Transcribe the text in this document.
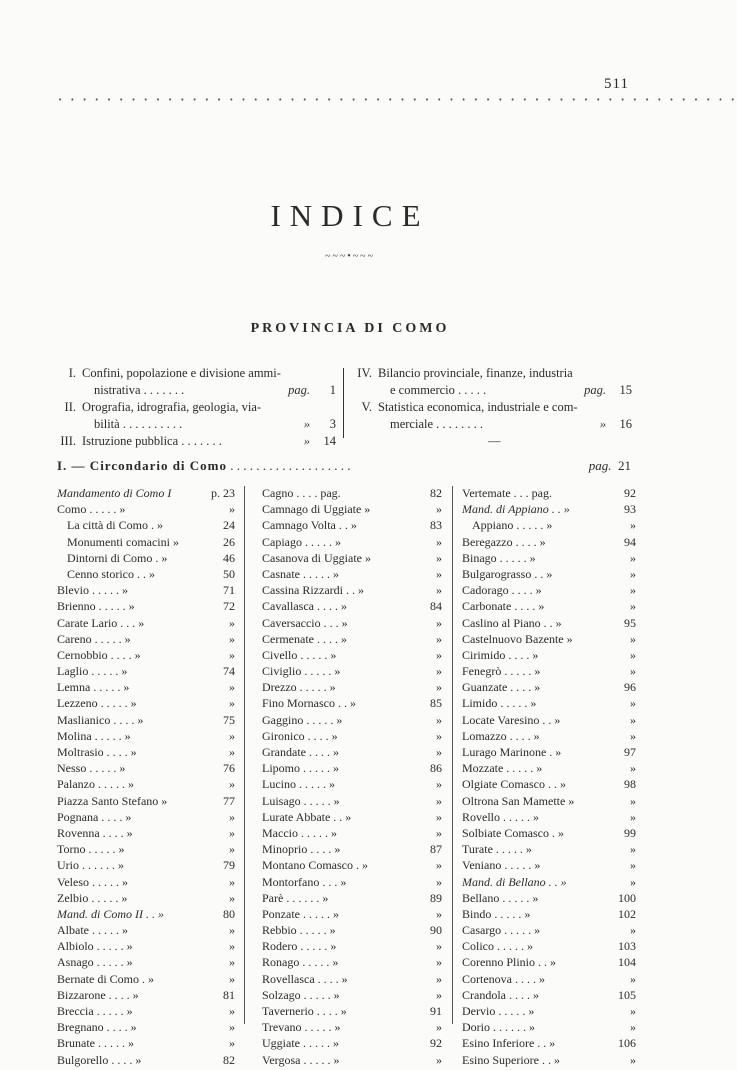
511
• • • • • • • • • • • • • • • • • • • • • • • • • • • • • • • • • • • • • • • • • • • • • • • • • • • • • • • •
INDICE
~~~•~~~
PROVINCIA DI COMO
I. Confini, popolazione e divisione ammi-
nistrativa . . . . . . .	pag. 1
II. Orografia, idrografia, geologia, via-
bilità . . . . . . . . . .	» 3
III. Istruzione pubblica . . . . . . .	» 14
IV. Bilancio provinciale, finanze, industria
e commercio . . . . .	pag. 15
V. Statistica economica, industriale e com-
merciale . . . . . . . .	» 16
—
I. — Circondario di Como . . . . . . . . . . . . . . . . . . .	pag. 21
Mandamento di Como I	p. 23
Como . . . . . »	»
La città di Como . »	24
Monumenti comacini »	26
Dintorni di Como . »	46
Cenno storico . . »	50
Blevio . . . . . »	71
Brienno . . . . . »	72
Carate Lario . . . »	»
Careno . . . . . »	»
Cernobbio . . . . »	»
Laglio . . . . . »	74
Lemna . . . . . »	»
Lezzeno . . . . . »	»
Maslianico . . . . »	75
Molina . . . . . »	»
Moltrasio . . . . »	»
Nesso . . . . . »	76
Palanzo . . . . . »	»
Piazza Santo Stefano »	77
Pognana . . . . »	»
Rovenna . . . . »	»
Torno . . . . . »	»
Urio . . . . . . »	79
Veleso . . . . . »	»
Zelbio . . . . . »	»
Mand. di Como II . . »	80
Albate . . . . . »	»
Albiolo . . . . . »	»
Asnago . . . . . »	»
Bernate di Como . »	»
Bizzarone . . . . »	81
Breccia . . . . . »	»
Bregnano . . . . »	»
Brunate . . . . . »	»
Bulgorello . . . . »	82
Cagno . . . . pag.	82
Camnago di Uggiate »	»
Camnago Volta . . »	83
Capiago . . . . . »	»
Casanova di Uggiate »	»
Casnate . . . . . »	»
Cassina Rizzardi . . »	»
Cavallasca . . . . »	84
Caversaccio . . . »	»
Cermenate . . . . »	»
Civello . . . . . »	»
Civiglio . . . . . »	»
Drezzo . . . . . »	»
Fino Mornasco . . »	85
Gaggino . . . . . »	»
Gironico . . . . »	»
Grandate . . . . »	»
Lipomo . . . . . »	86
Lucino . . . . . »	»
Luisago . . . . . »	»
Lurate Abbate . . »	»
Maccio . . . . . »	»
Minoprio . . . . »	87
Montano Comasco . »	»
Montorfano . . . »	»
Parè . . . . . . »	89
Ponzate . . . . . »	»
Rebbio . . . . . »	90
Rodero . . . . . »	»
Ronago . . . . . »	»
Rovellasca . . . . »	»
Solzago . . . . . »	»
Tavernerio . . . . »	91
Trevano . . . . . »	»
Uggiate . . . . . »	92
Vergosa . . . . . »	»
Vertemate . . . pag.	92
Mand. di Appiano . . »	93
Appiano . . . . . »	»
Beregazzo . . . . »	94
Binago . . . . . »	»
Bulgarograsso . . »	»
Cadorago . . . . »	»
Carbonate . . . . »	»
Caslino al Piano . . »	95
Castelnuovo Bazente »	»
Cirimido . . . . »	»
Fenegrò . . . . . »	»
Guanzate . . . . »	96
Limido . . . . . »	»
Locate Varesino . . »	»
Lomazzo . . . . »	»
Lurago Marinone . »	97
Mozzate . . . . . »	»
Olgiate Comasco . . »	98
Oltrona San Mamette »	»
Rovello . . . . . »	»
Solbiate Comasco . »	99
Turate . . . . . »	»
Veniano . . . . . »	»
Mand. di Bellano . . »	»
Bellano . . . . . »	100
Bindo . . . . . »	102
Casargo . . . . . »	»
Colico . . . . . »	103
Corenno Plinio . . »	104
Cortenova . . . . »	»
Crandola . . . . »	105
Dervio . . . . . »	»
Dorio . . . . . . »	»
Esino Inferiore . . »	106
Esino Superiore . . »	»
